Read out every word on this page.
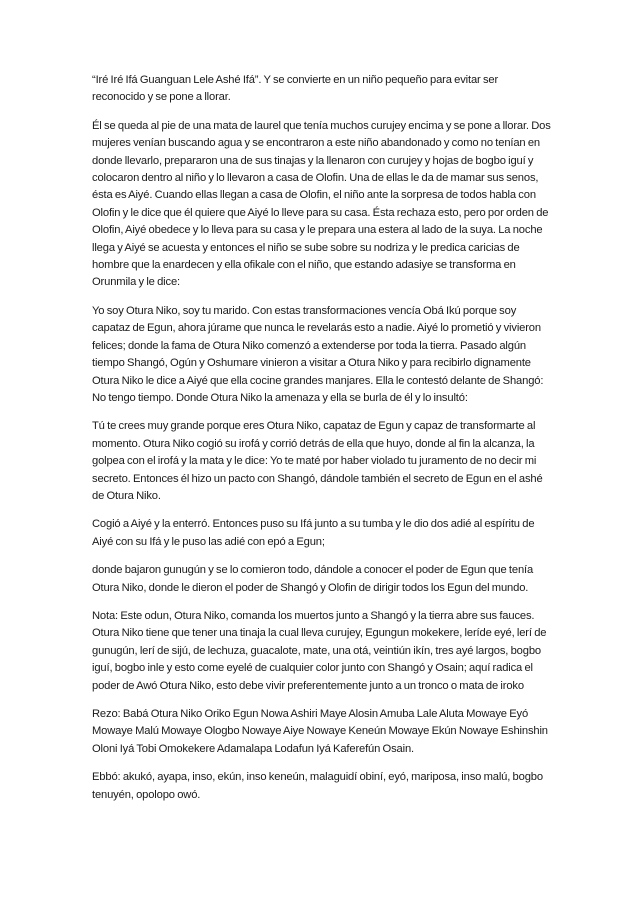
“Iré Iré Ifá Guanguan Lele Ashé Ifá”. Y se convierte en un niño pequeño para evitar ser reconocido y se pone a llorar.

Él se queda al pie de una mata de laurel que tenía muchos curujey encima y se pone a llorar. Dos mujeres venían buscando agua y se encontraron a este niño abandonado y como no tenían en donde llevarlo, prepararon una de sus tinajas y la llenaron con curujey y hojas de bogbo iguí y colocaron dentro al niño y lo llevaron a casa de Olofin. Una de ellas le da de mamar sus senos, ésta es Aiyé. Cuando ellas llegan a casa de Olofin, el niño ante la sorpresa de todos habla con Olofin y le dice que él quiere que Aiyé lo lleve para su casa. Ésta rechaza esto, pero por orden de Olofin, Aiyé obedece y lo lleva para su casa y le prepara una estera al lado de la suya. La noche llega y Aiyé se acuesta y entonces el niño se sube sobre su nodriza y le predica caricias de hombre que la enardecen y ella ofikale con el niño, que estando adasiye se transforma en Orunmila y le dice:

Yo soy Otura Niko, soy tu marido. Con estas transformaciones vencía Obá Ikú porque soy capataz de Egun, ahora júrame que nunca le revelarás esto a nadie. Aiyé lo prometió y vivieron felices; donde la fama de Otura Niko comenzó a extenderse por toda la tierra. Pasado algún tiempo Shangó, Ogún y Oshumare vinieron a visitar a Otura Niko y para recibirlo dignamente Otura Niko le dice a Aiyé que ella cocine grandes manjares. Ella le contestó delante de Shangó: No tengo tiempo. Donde Otura Niko la amenaza y ella se burla de él y lo insultó:

Tú te crees muy grande porque eres Otura Niko, capataz de Egun y capaz de transformarte al momento. Otura Niko cogió su irofá y corrió detrás de ella que huyo, donde al fin la alcanza, la golpea con el irofá y la mata y le dice: Yo te maté por haber violado tu juramento de no decir mi secreto. Entonces él hizo un pacto con Shangó, dándole también el secreto de Egun en el ashé de Otura Niko.

Cogió a Aiyé y la enterró. Entonces puso su Ifá junto a su tumba y le dio dos adié al espíritu de Aiyé con su Ifá y le puso las adié con epó a Egun;

donde bajaron gunugún y se lo comieron todo, dándole a conocer el poder de Egun que tenía Otura Niko, donde le dieron el poder de Shangó y Olofin de dirigir todos los Egun del mundo.

Nota: Este odun, Otura Niko, comanda los muertos junto a Shangó y la tierra abre sus fauces. Otura Niko tiene que tener una tinaja la cual lleva curujey, Egungun mokekere, leríde eyé, lerí de gunugún, lerí de sijú, de lechuza, guacalote, mate, una otá, veintiún ikín, tres ayé largos, bogbo iguí, bogbo inle y esto come eyelé de cualquier color junto con Shangó y Osain; aquí radica el poder de Awó Otura Niko, esto debe vivir preferentemente junto a un tronco o mata de iroko

Rezo: Babá Otura Niko Oriko Egun Nowa Ashiri Maye Alosin Amuba Lale Aluta Mowaye Eyó Mowaye Malú Mowaye Ologbo Nowaye Aiye Nowaye Keneún Mowaye Ekún Nowaye Eshinshin Oloni Iyá Tobi Omokekere Adamalapa Lodafun Iyá Kaferefún Osain.

Ebbó: akukó, ayapa, inso, ekún, inso keneún, malaguidí obiní, eyó, mariposa, inso malú, bogbo tenuyén, opolopo owó.
